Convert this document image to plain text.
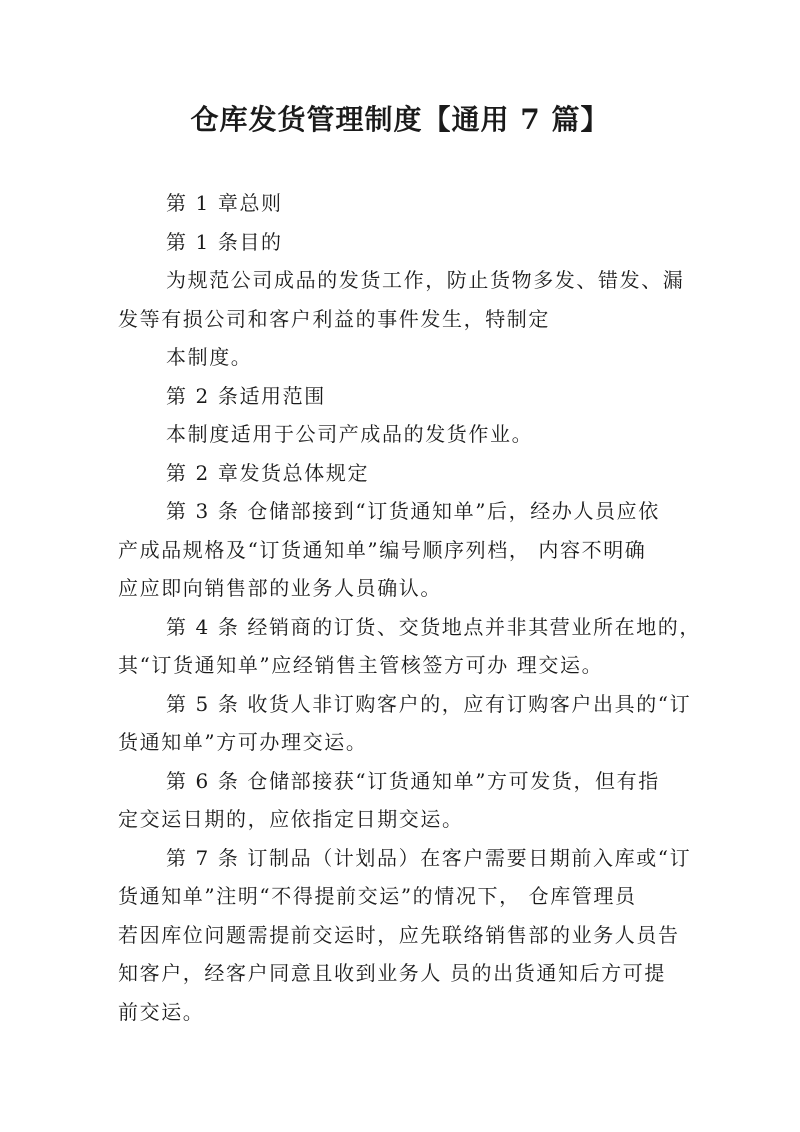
仓库发货管理制度【通用 7 篇】
第 1 章总则
第 1 条目的
为规范公司成品的发货工作，防止货物多发、错发、漏
发等有损公司和客户利益的事件发生，特制定
本制度。
第 2 条适用范围
本制度适用于公司产成品的发货作业。
第 2 章发货总体规定
第 3 条 仓储部接到“订货通知单”后，经办人员应依
产成品规格及“订货通知单”编号顺序列档， 内容不明确
应应即向销售部的业务人员确认。
第 4 条 经销商的订货、交货地点并非其营业所在地的，
其“订货通知单”应经销售主管核签方可办 理交运。
第 5 条 收货人非订购客户的，应有订购客户出具的“订
货通知单”方可办理交运。
第 6 条 仓储部接获“订货通知单”方可发货，但有指
定交运日期的，应依指定日期交运。
第 7 条 订制品（计划品）在客户需要日期前入库或“订
货通知单”注明“不得提前交运”的情况下， 仓库管理员
若因库位问题需提前交运时，应先联络销售部的业务人员告
知客户，经客户同意且收到业务人 员的出货通知后方可提
前交运。
